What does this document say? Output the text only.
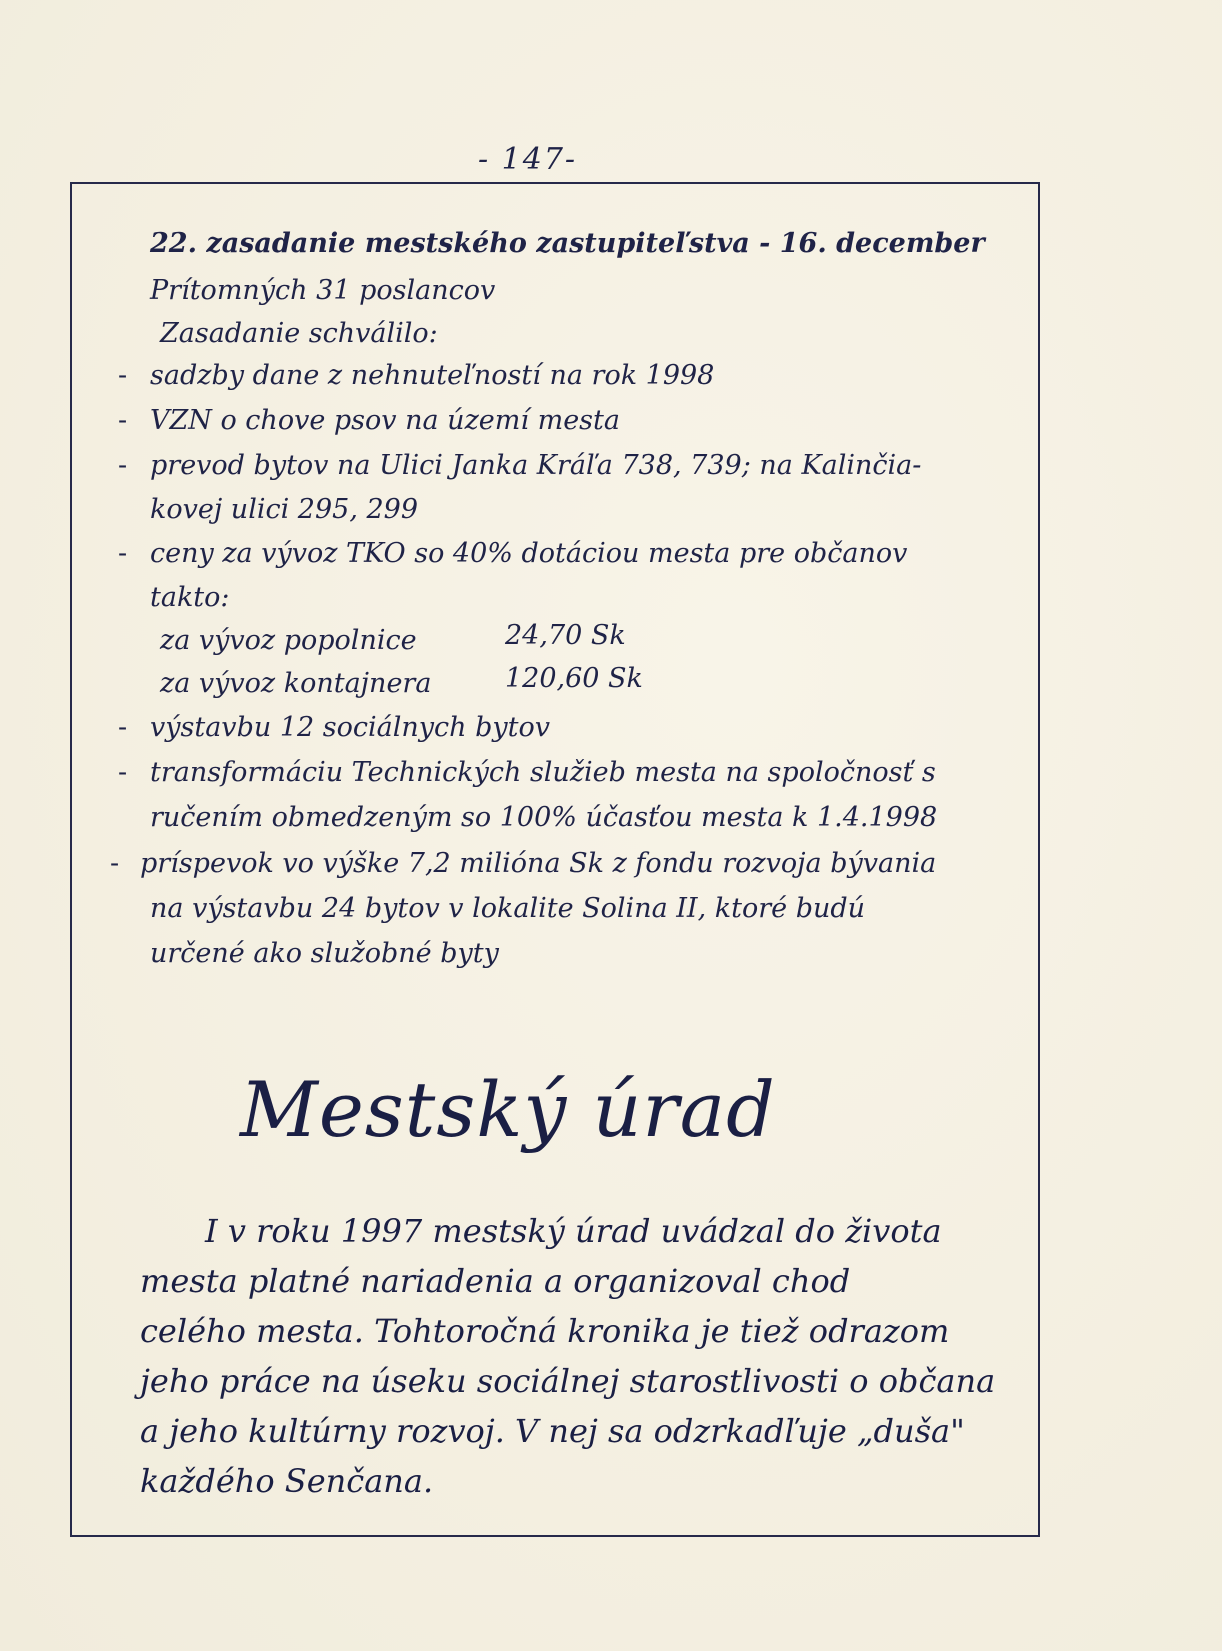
- 147-
22. zasadanie mestského zastupiteľstva - 16. december
Prítomných 31 poslancov
Zasadanie schválilo:
- sadzby dane z nehnuteľností na rok 1998
- VZN o chove psov na území mesta
- prevod bytov na Ulici Janka Kráľa 738, 739; na Kalinčia-
kovej ulici 295, 299
- ceny za vývoz TKO so 40% dotáciou mesta pre občanov
takto:
za vývoz popolnice	24,70 Sk
za vývoz kontajnera	120,60 Sk
- výstavbu 12 sociálnych bytov
- transformáciu Technických služieb mesta na spoločnosť s
ručením obmedzeným so 100% účasťou mesta k 1.4.1998
- príspevok vo výške 7,2 milióna Sk z fondu rozvoja bývania
na výstavbu 24 bytov v lokalite Solina II, ktoré budú
určené ako služobné byty
Mestský úrad
I v roku 1997 mestský úrad uvádzal do života
mesta platné nariadenia a organizoval chod
celého mesta. Tohtoročná kronika je tiež odrazom
jeho práce na úseku sociálnej starostlivosti o občana
a jeho kultúrny rozvoj. V nej sa odzrkadľuje „duša"
každého Senčana.
